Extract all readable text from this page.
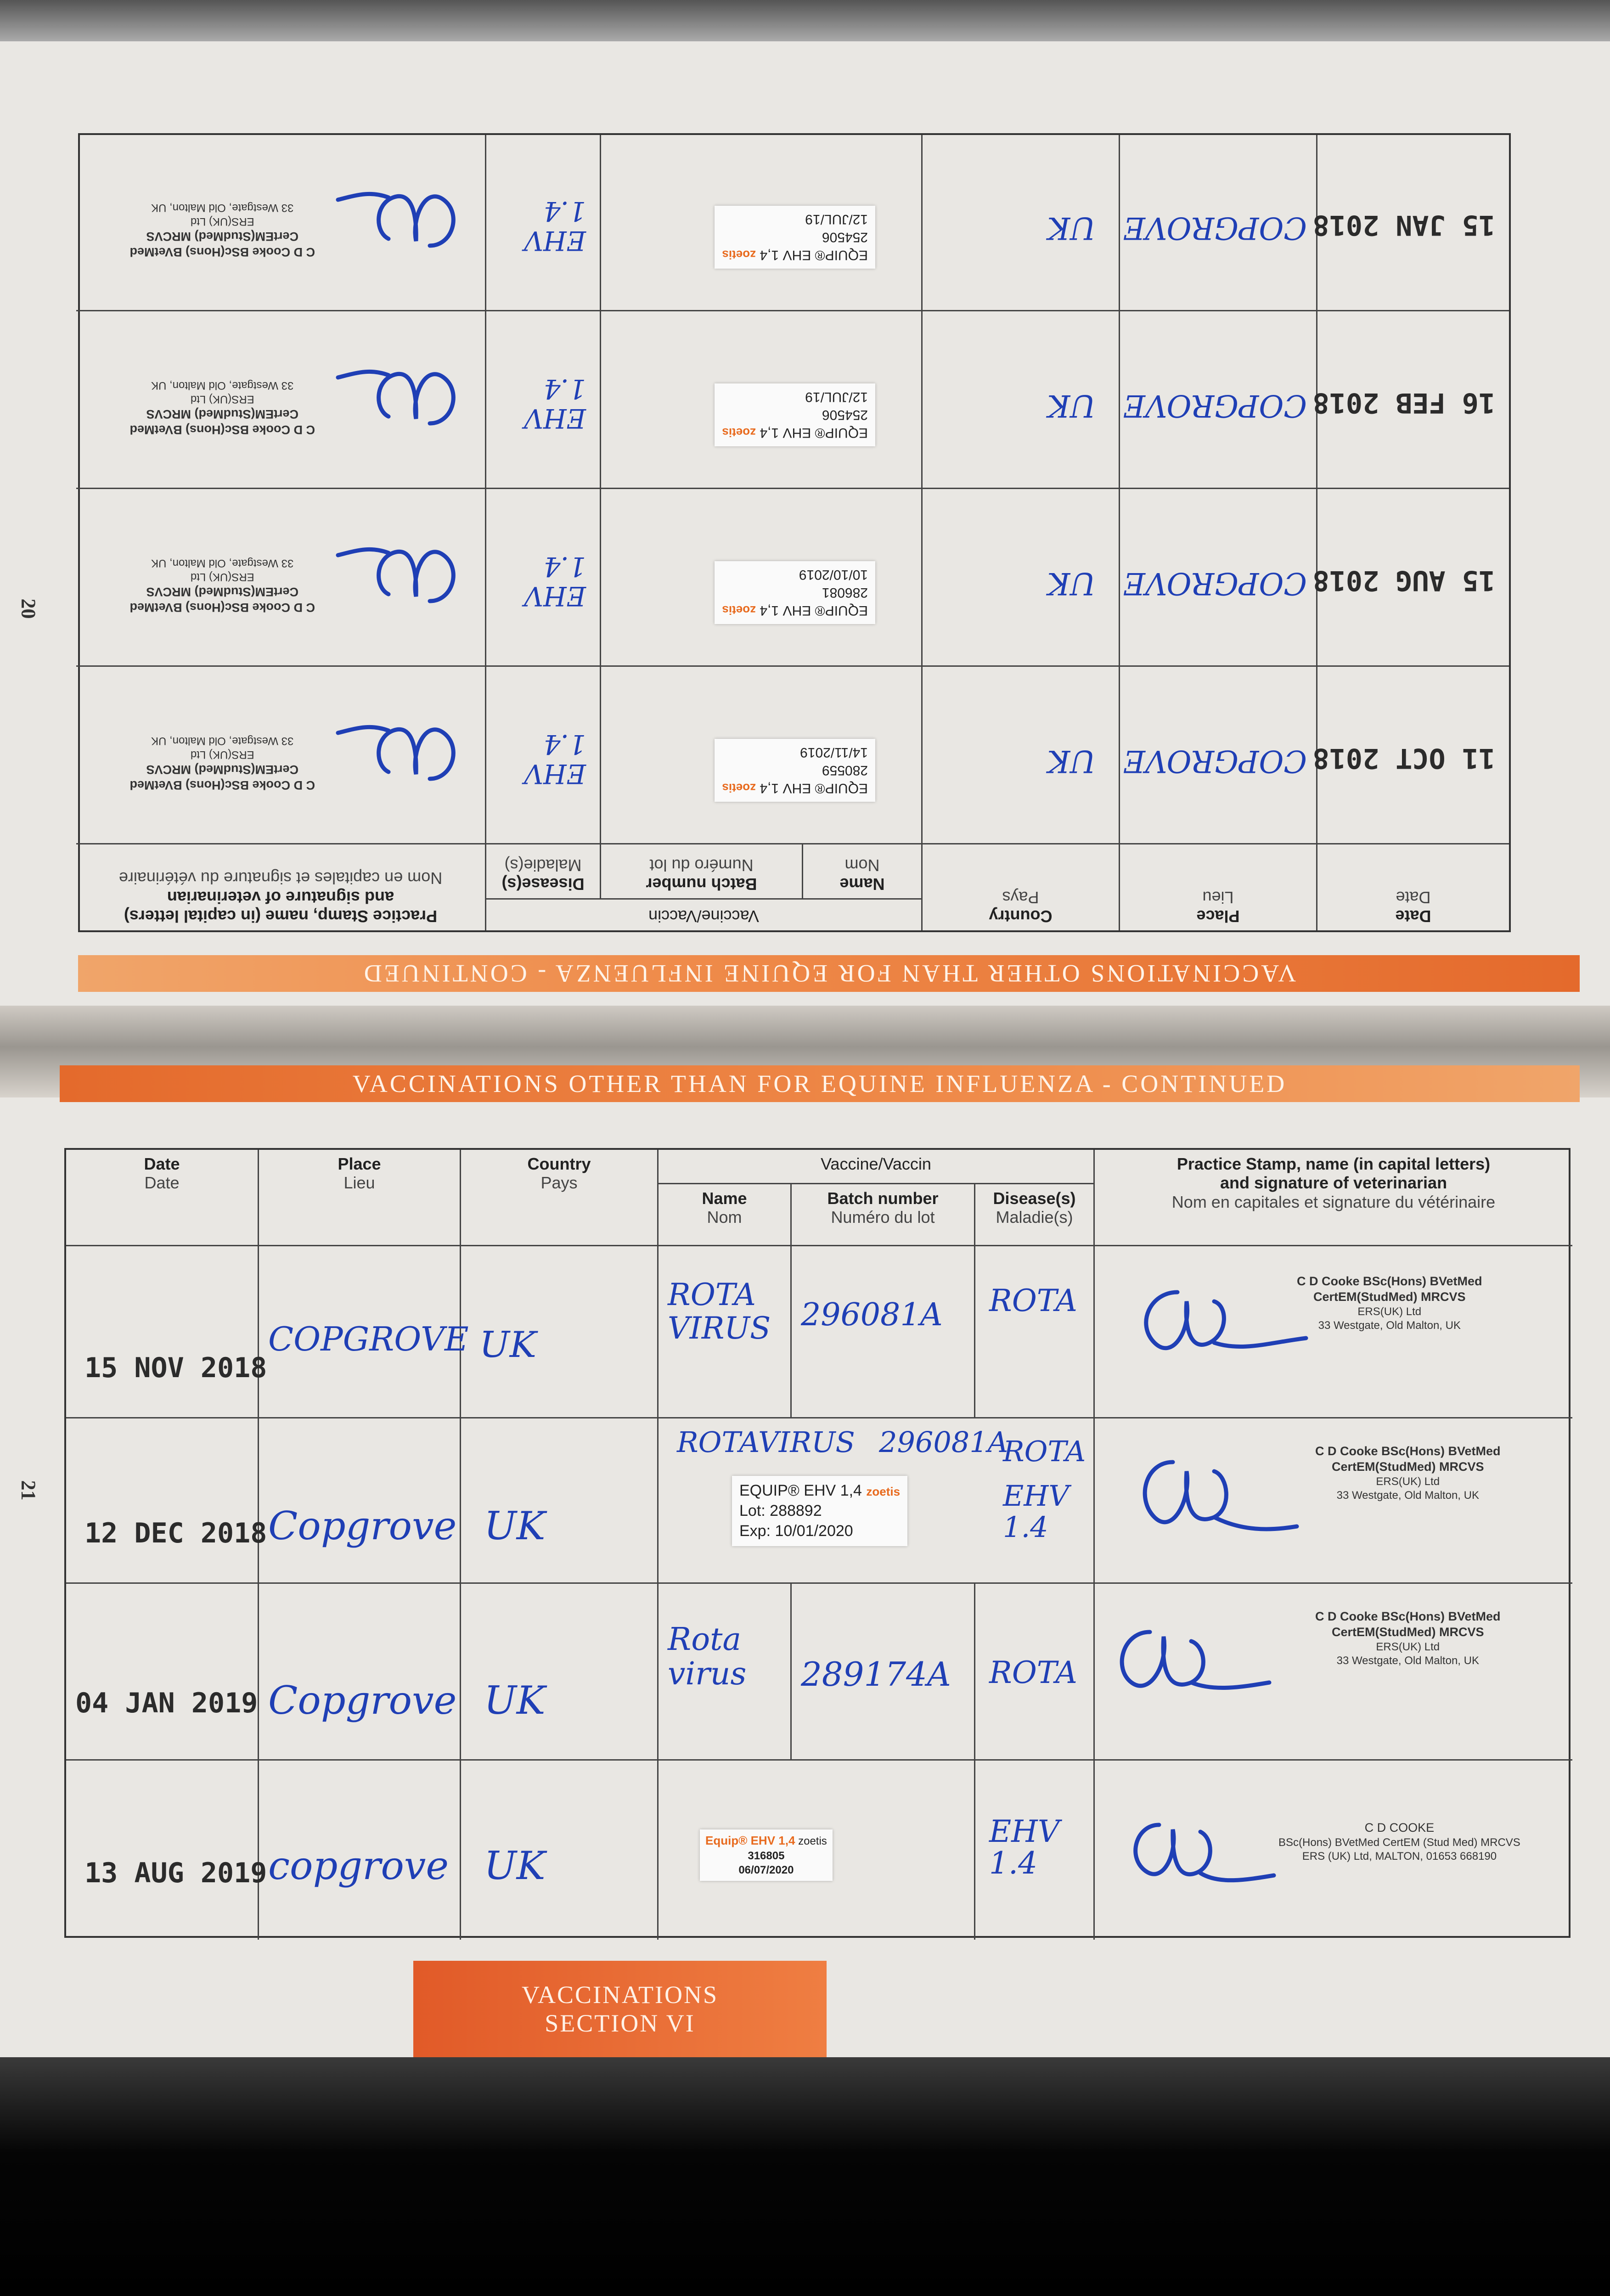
20
VACCINATIONS OTHER THAN FOR EQUINE INFLUENZA - CONTINUED
Date
Date
Place
Lieu
Country
Pays
Vaccine/Vaccin
Name
Nom
Batch number
Numéro du lot
Disease(s)
Maladie(s)
Practice Stamp, name (in capital letters)
and signature of veterinarian
Nom en capitales et signature du vétérinaire
11 OCT 2018
COPGROVE
UK
EQUIP® EHV 1,4 zoetis
280559
14/11/2019
EHV 1.4
C D Cooke BSc(Hons) BVetMed
CertEM(StudMed) MRCVS
ERS(UK) Ltd
33 Westgate, Old Malton, UK
15 AUG 2018
COPGROVE
UK
EQUIP® EHV 1,4 zoetis
286081
10/10/2019
EHV 1.4
C D Cooke BSc(Hons) BVetMed
CertEM(StudMed) MRCVS
ERS(UK) Ltd
33 Westgate, Old Malton, UK
16 FEB 2018
COPGROVE
UK
EQUIP® EHV 1,4 zoetis
254506
12/JUL/19
EHV 1.4
C D Cooke BSc(Hons) BVetMed
CertEM(StudMed) MRCVS
ERS(UK) Ltd
33 Westgate, Old Malton, UK
15 JAN 2018
COPGROVE
UK
EQUIP® EHV 1,4 zoetis
254506
12/JUL/19
EHV 1.4
C D Cooke BSc(Hons) BVetMed
CertEM(StudMed) MRCVS
ERS(UK) Ltd
33 Westgate, Old Malton, UK
21
VACCINATIONS OTHER THAN FOR EQUINE INFLUENZA - CONTINUED
Date
Date
Place
Lieu
Country
Pays
Vaccine/Vaccin
Name
Nom
Batch number
Numéro du lot
Disease(s)
Maladie(s)
Practice Stamp, name (in capital letters)
and signature of veterinarian
Nom en capitales et signature du vétérinaire
15 NOV 2018
COPGROVE UK
ROTA VIRUS 296081A ROTA
C D Cooke BSc(Hons) BVetMed
CertEM(StudMed) MRCVS
ERS(UK) Ltd
33 Westgate, Old Malton, UK
12 DEC 2018 Copgrove UK
ROTAVIRUS 296081A
ROTA
EHV 1.4
EQUIP® EHV 1,4 zoetis
Lot: 288892
Exp: 10/01/2020
C D Cooke BSc(Hons) BVetMed
CertEM(StudMed) MRCVS
ERS(UK) Ltd
33 Westgate, Old Malton, UK
04 JAN 2019 Copgrove UK
Rota virus	289174A ROTA
C D Cooke BSc(Hons) BVetMed
CertEM(StudMed) MRCVS
ERS(UK) Ltd
33 Westgate, Old Malton, UK
13 AUG 2019 copgrove UK
Equip® EHV 1,4 zoetis
316805
06/07/2020
EHV 1.4
C D COOKE
BSc(Hons) BVetMed CertEM (Stud Med) MRCVS
ERS (UK) Ltd, MALTON, 01653 668190
VACCINATIONS
SECTION VI
